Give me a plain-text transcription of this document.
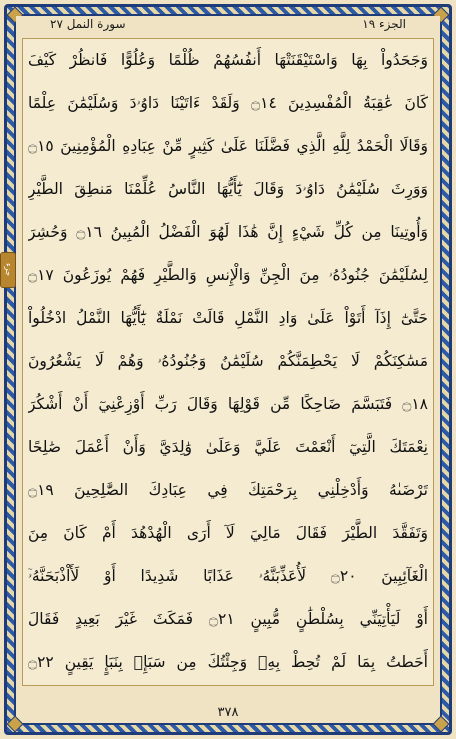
سورة النمل ٢٧	الجزء ١٩
جزء
وَجَحَدُواْ بِهَا وَاسْتَيْقَنَتْهَا أَنفُسُهُمْ ظُلْمًا وَعُلُوًّا فَانظُرْ كَيْفَ
كَانَ عَٰقِبَةُ الْمُفْسِدِينَ ۝١٤ وَلَقَدْ ءَاتَيْنَا دَاوُۥدَ وَسُلَيْمَٰنَ عِلْمًا
وَقَالَا الْحَمْدُ لِلَّهِ الَّذِي فَضَّلَنَا عَلَىٰ كَثِيرٍ مِّنْ عِبَادِهِ الْمُؤْمِنِينَ ۝١٥
وَوَرِثَ سُلَيْمَٰنُ دَاوُۥدَ وَقَالَ يَٰٓأَيُّهَا النَّاسُ عُلِّمْنَا مَنطِقَ الطَّيْرِ
وَأُوتِينَا مِن كُلِّ شَيْءٍ إِنَّ هَٰذَا لَهُوَ الْفَضْلُ الْمُبِينُ ۝١٦ وَحُشِرَ
لِسُلَيْمَٰنَ جُنُودُهُۥ مِنَ الْجِنِّ وَالْإِنسِ وَالطَّيْرِ فَهُمْ يُوزَعُونَ ۝١٧
حَتَّىٰٓ إِذَآ أَتَوْاْ عَلَىٰ وَادِ النَّمْلِ قَالَتْ نَمْلَةٌ يَٰٓأَيُّهَا النَّمْلُ ادْخُلُواْ
مَسَٰكِنَكُمْ لَا يَحْطِمَنَّكُمْ سُلَيْمَٰنُ وَجُنُودُهُۥ وَهُمْ لَا يَشْعُرُونَ
۝١٨ فَتَبَسَّمَ ضَاحِكًا مِّن قَوْلِهَا وَقَالَ رَبِّ أَوْزِعْنِيٓ أَنْ أَشْكُرَ
نِعْمَتَكَ الَّتِيٓ أَنْعَمْتَ عَلَيَّ وَعَلَىٰ وَٰلِدَيَّ وَأَنْ أَعْمَلَ صَٰلِحًا
تَرْضَىٰهُ وَأَدْخِلْنِي بِرَحْمَتِكَ فِي عِبَادِكَ الصَّٰلِحِينَ ۝١٩
وَتَفَقَّدَ الطَّيْرَ فَقَالَ مَالِيَ لَآ أَرَى الْهُدْهُدَ أَمْ كَانَ مِنَ
الْغَآئِبِينَ ۝٢٠ لَأُعَذِّبَنَّهُۥ عَذَابًا شَدِيدًا أَوْ لَأَاْذْبَحَنَّهُۥٓ
أَوْ لَيَأْتِيَنِّي بِسُلْطَٰنٍ مُّبِينٍ ۝٢١ فَمَكَثَ غَيْرَ بَعِيدٍ فَقَالَ
أَحَطتُ بِمَا لَمْ تُحِطْ بِهِۦ وَجِئْتُكَ مِن سَبَإِۭ بِنَبَإٍ يَقِينٍ ۝٢٢
٣٧٨
